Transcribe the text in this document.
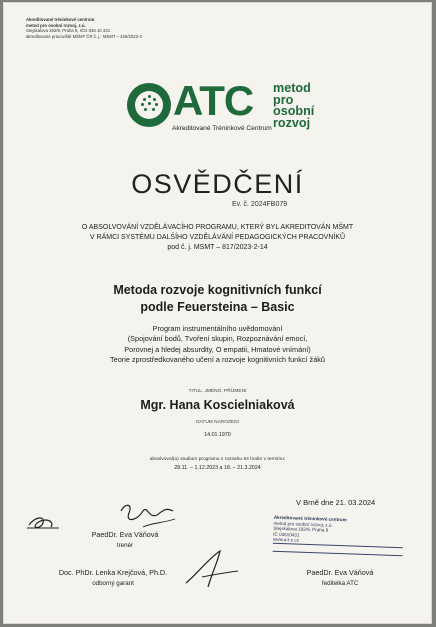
Akreditované tréninkové centrum
metod pro osobní rozvoj, z.ú.
Stejskalova 192/9, Praha 8, IČO 046 10 431
akreditované pracoviště MŠMT ČR č. j.: MSMT – 226/2022-4
ATC
Akreditované Tréninkové Centrum
metod
pro
osobní
rozvoj
OSVĚDČENÍ
Ev. č. 2024FB079
O ABSOLVOVÁNÍ VZDĚLÁVACÍHO PROGRAMU, KTERÝ BYL AKREDITOVÁN MŠMT
V RÁMCI SYSTÉMU DALŠÍHO VZDĚLÁVÁNÍ PEDAGOGICKÝCH PRACOVNÍKŮ
pod č. j. MSMT – 817/2023-2-14
Metoda rozvoje kognitivních funkcí
podle Feuersteina – Basic
Program instrumentálního uvědomování
(Spojování bodů, Tvoření skupin, Rozpoznávání emocí,
Porovnej a hledej absurdity, O empatii, Hmatové vnímání)
Teorie zprostředkovaného učení a rozvoje kognitivních funkcí žáků
TITUL, JMÉNO, PŘÍJMENÍ
Mgr. Hana Koscielniaková
DATUM NAROZENÍ
14.01.1970
absolvoval(a) studium programu v rozsahu 64 hodin v termínu:
28.11. – 1.12.2023 a 18. – 21.3.2024
V Brně dne 21. 03.2024
PaedDr. Eva Váňová
trenér
Akreditované tréninkové centrum
metod pro osobní rozvoj, z.ú.
Stejskalova 192/9, Praha 8
IČ 04610431
www.a-t-c.cz
Doc. PhDr. Lenka Krejčová, Ph.D.
odborný garant
PaedDr. Eva Váňová
ředitelka ATC
